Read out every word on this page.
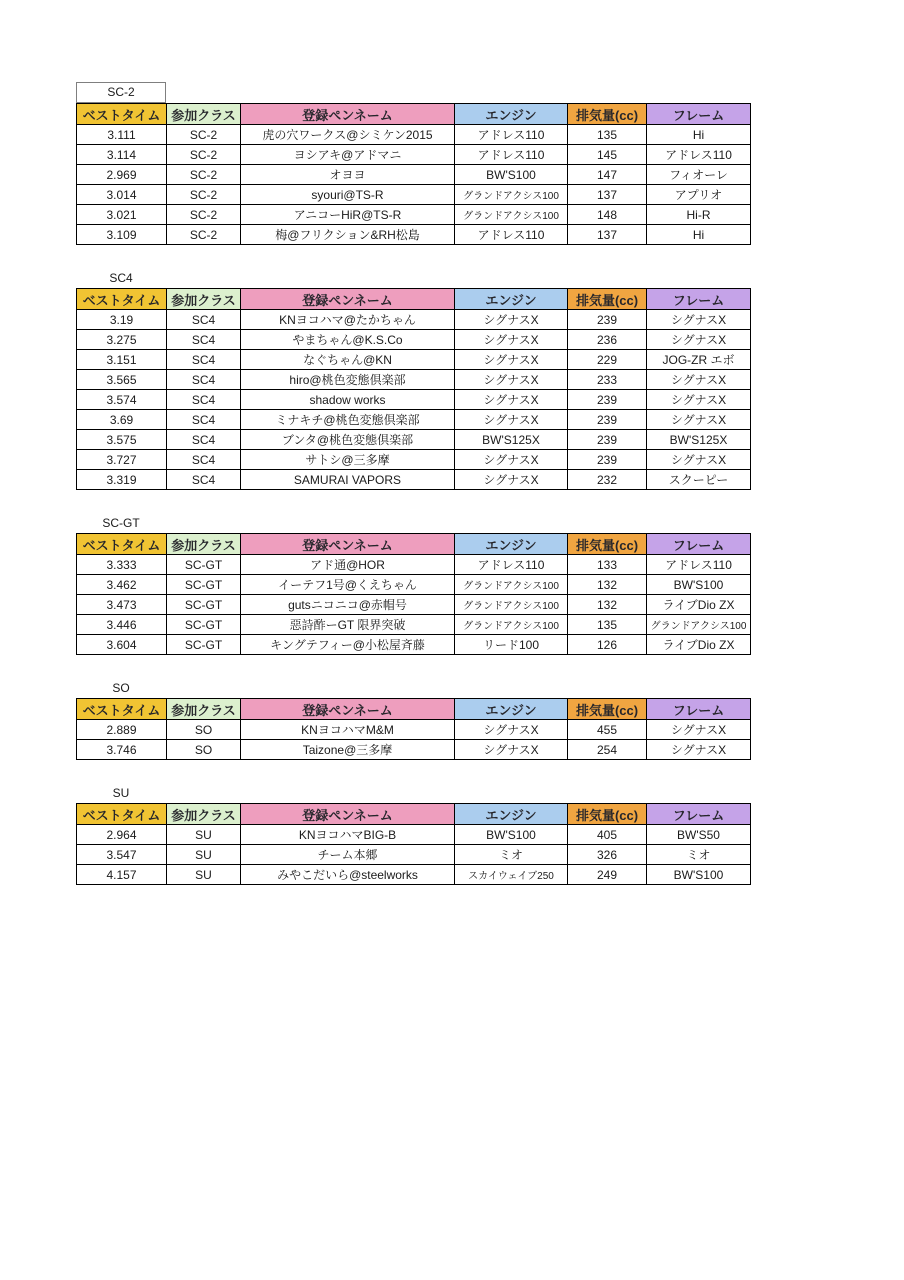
SC-2
ベストタイム	参加クラス	登録ペンネーム	エンジン	排気量(cc)	フレーム
3.111	SC-2	虎の穴ワークス@シミケン2015	アドレス110	135	Hi
3.114	SC-2	ヨシアキ@アドマニ	アドレス110	145	アドレス110
2.969	SC-2	オヨヨ	BW'S100	147	フィオーレ
3.014	SC-2	syouri@TS-R	グランドアクシス100	137	アプリオ
3.021	SC-2	アニコーHiR@TS-R	グランドアクシス100	148	Hi-R
3.109	SC-2	梅@フリクション&RH松島	アドレス110	137	Hi
SC4
ベストタイム	参加クラス	登録ペンネーム	エンジン	排気量(cc)	フレーム
3.19	SC4	KNヨコハマ@たかちゃん	シグナスX	239	シグナスX
3.275	SC4	やまちゃん@K.S.Co	シグナスX	236	シグナスX
3.151	SC4	なぐちゃん@KN	シグナスX	229	JOG-ZR エボ
3.565	SC4	hiro@桃色変態倶楽部	シグナスX	233	シグナスX
3.574	SC4	shadow works	シグナスX	239	シグナスX
3.69	SC4	ミナキチ@桃色変態倶楽部	シグナスX	239	シグナスX
3.575	SC4	ブンタ@桃色変態倶楽部	BW'S125X	239	BW'S125X
3.727	SC4	サトシ@三多摩	シグナスX	239	シグナスX
3.319	SC4	SAMURAI VAPORS	シグナスX	232	スクーピー
SC-GT
ベストタイム	参加クラス	登録ペンネーム	エンジン	排気量(cc)	フレーム
3.333	SC-GT	アド通@HOR	アドレス110	133	アドレス110
3.462	SC-GT	イーテフ1号@くえちゃん	グランドアクシス100	132	BW'S100
3.473	SC-GT	gutsニコニコ@赤帽号	グランドアクシス100	132	ライブDio ZX
3.446	SC-GT	惡詩酢ーGT 限界突破	グランドアクシス100	135	グランドアクシス100
3.604	SC-GT	キングテフィー@小松屋斉藤	リード100	126	ライブDio ZX
SO
ベストタイム	参加クラス	登録ペンネーム	エンジン	排気量(cc)	フレーム
2.889	SO	KNヨコハマM&M	シグナスX	455	シグナスX
3.746	SO	Taizone@三多摩	シグナスX	254	シグナスX
SU
ベストタイム	参加クラス	登録ペンネーム	エンジン	排気量(cc)	フレーム
2.964	SU	KNヨコハマBIG-B	BW'S100	405	BW'S50
3.547	SU	チーム本郷	ミオ	326	ミオ
4.157	SU	みやこだいら@steelworks	スカイウェイブ250	249	BW'S100
